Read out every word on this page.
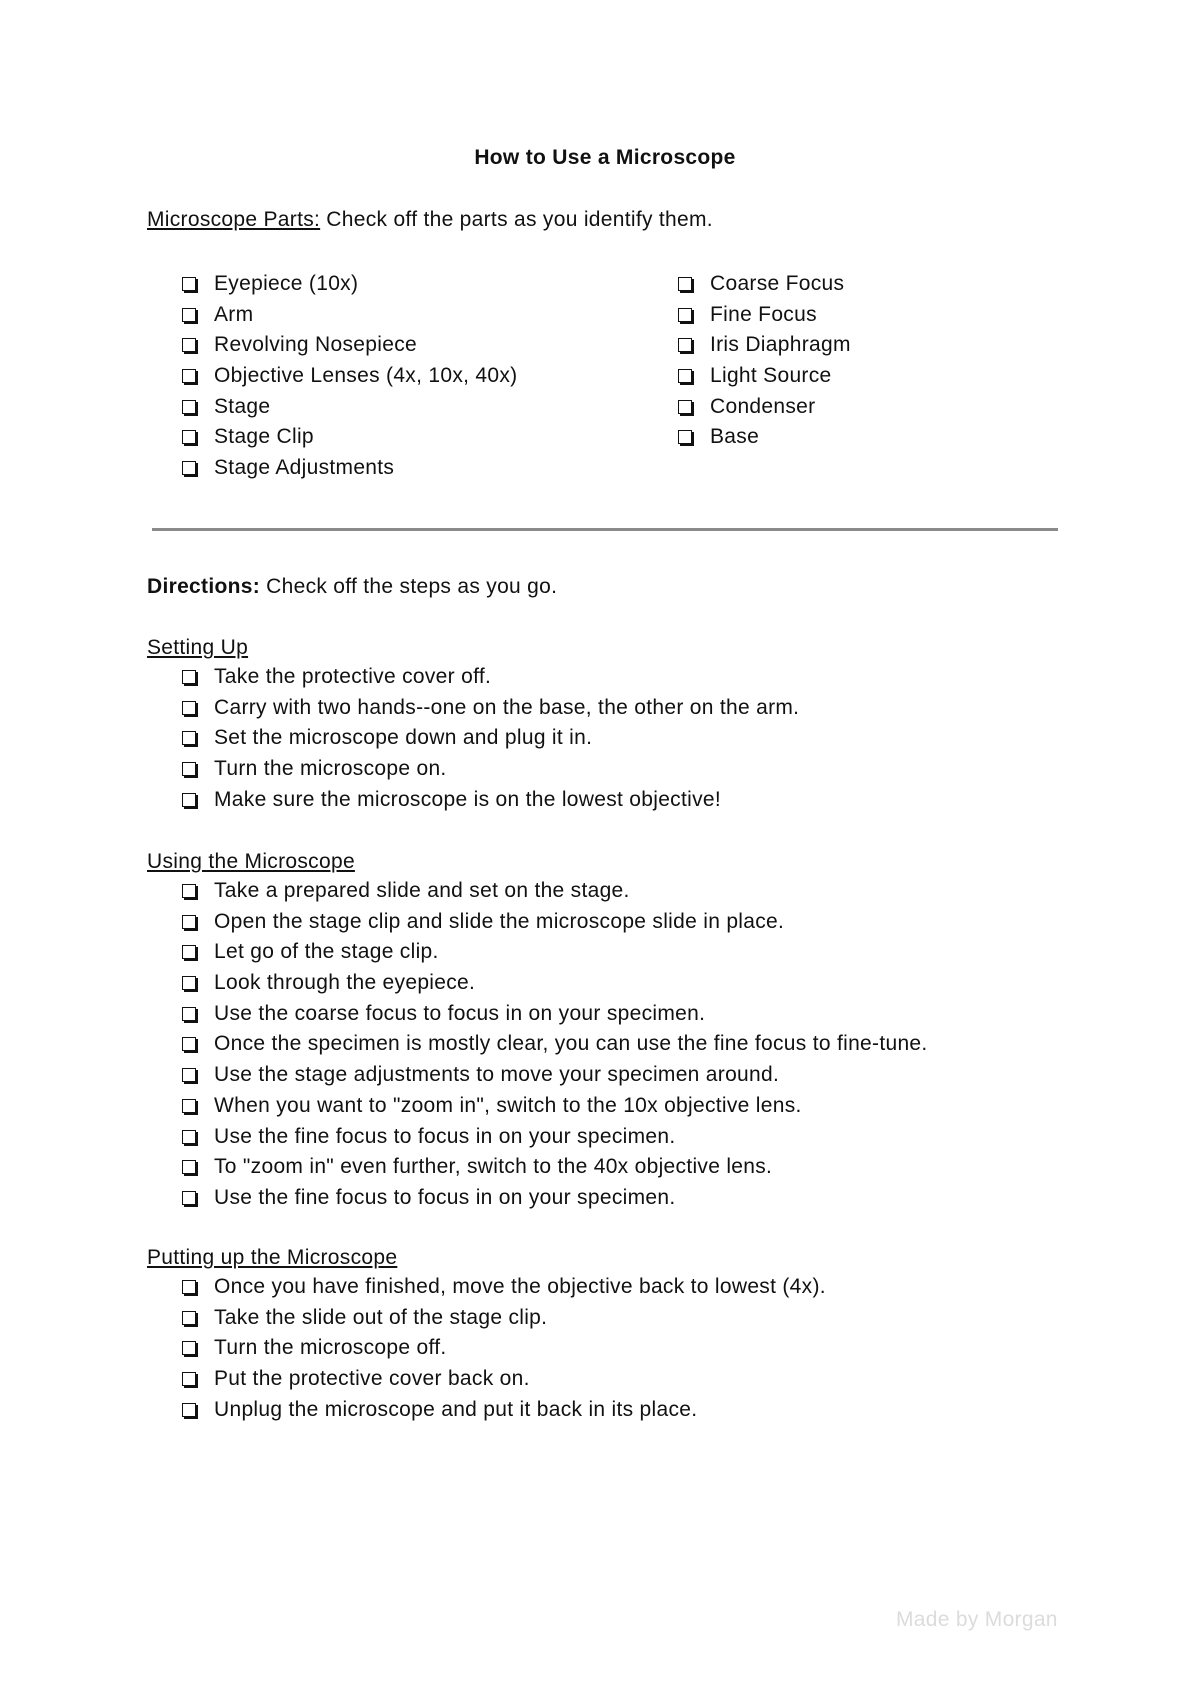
How to Use a Microscope
Microscope Parts: Check off the parts as you identify them.
Eyepiece (10x)
Arm
Revolving Nosepiece
Objective Lenses (4x, 10x, 40x)
Stage
Stage Clip
Stage Adjustments
Coarse Focus
Fine Focus
Iris Diaphragm
Light Source
Condenser
Base
Directions: Check off the steps as you go.
Setting Up
Take the protective cover off.
Carry with two hands--one on the base, the other on the arm.
Set the microscope down and plug it in.
Turn the microscope on.
Make sure the microscope is on the lowest objective!
Using the Microscope
Take a prepared slide and set on the stage.
Open the stage clip and slide the microscope slide in place.
Let go of the stage clip.
Look through the eyepiece.
Use the coarse focus to focus in on your specimen.
Once the specimen is mostly clear, you can use the fine focus to fine-tune.
Use the stage adjustments to move your specimen around.
When you want to "zoom in", switch to the 10x objective lens.
Use the fine focus to focus in on your specimen.
To "zoom in" even further, switch to the 40x objective lens.
Use the fine focus to focus in on your specimen.
Putting up the Microscope
Once you have finished, move the objective back to lowest (4x).
Take the slide out of the stage clip.
Turn the microscope off.
Put the protective cover back on.
Unplug the microscope and put it back in its place.
Made by Morgan
